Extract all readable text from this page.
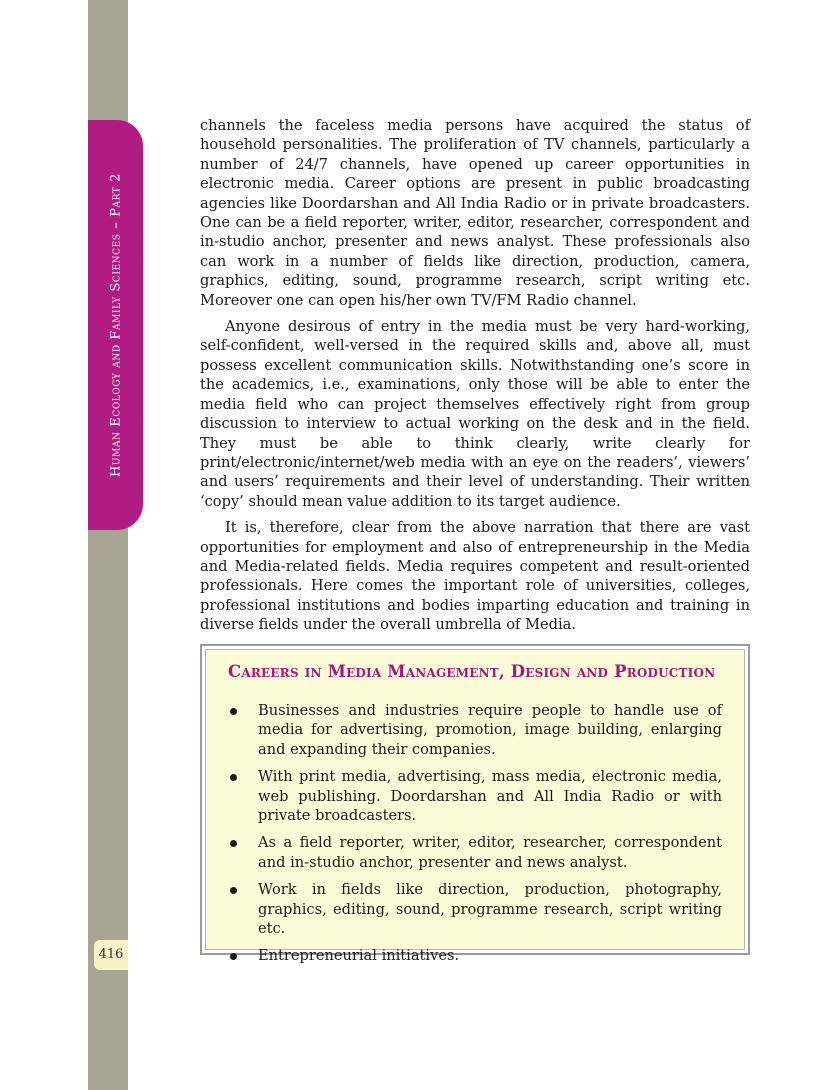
Human Ecology and Family Sciences – Part 2
416

channels the faceless media persons have acquired the status of household personalities. The proliferation of TV channels, particularly a number of 24/7 channels, have opened up career opportunities in electronic media. Career options are present in public broadcasting agencies like Doordarshan and All India Radio or in private broadcasters. One can be a field reporter, writer, editor, researcher, correspondent and in-studio anchor, presenter and news analyst. These professionals also can work in a number of fields like direction, production, camera, graphics, editing, sound, programme research, script writing etc. Moreover one can open his/her own TV/FM Radio channel.

Anyone desirous of entry in the media must be very hard-working, self-confident, well-versed in the required skills and, above all, must possess excellent communication skills. Notwithstanding one’s score in the academics, i.e., examinations, only those will be able to enter the media field who can project themselves effectively right from group discussion to interview to actual working on the desk and in the field. They must be able to think clearly, write clearly for print/electronic/internet/web media with an eye on the readers’, viewers’ and users’ requirements and their level of understanding. Their written ‘copy’ should mean value addition to its target audience.

It is, therefore, clear from the above narration that there are vast opportunities for employment and also of entrepreneurship in the Media and Media-related fields. Media requires competent and result-oriented professionals. Here comes the important role of universities, colleges, professional institutions and bodies imparting education and training in diverse fields under the overall umbrella of Media.

Careers in Media Management, Design and Production
Businesses and industries require people to handle use of media for advertising, promotion, image building, enlarging and expanding their companies.
With print media, advertising, mass media, electronic media, web publishing. Doordarshan and All India Radio or with private broadcasters.
As a field reporter, writer, editor, researcher, correspondent and in-studio anchor, presenter and news analyst.
Work in fields like direction, production, photography, graphics, editing, sound, programme research, script writing etc.
Entrepreneurial initiatives.
